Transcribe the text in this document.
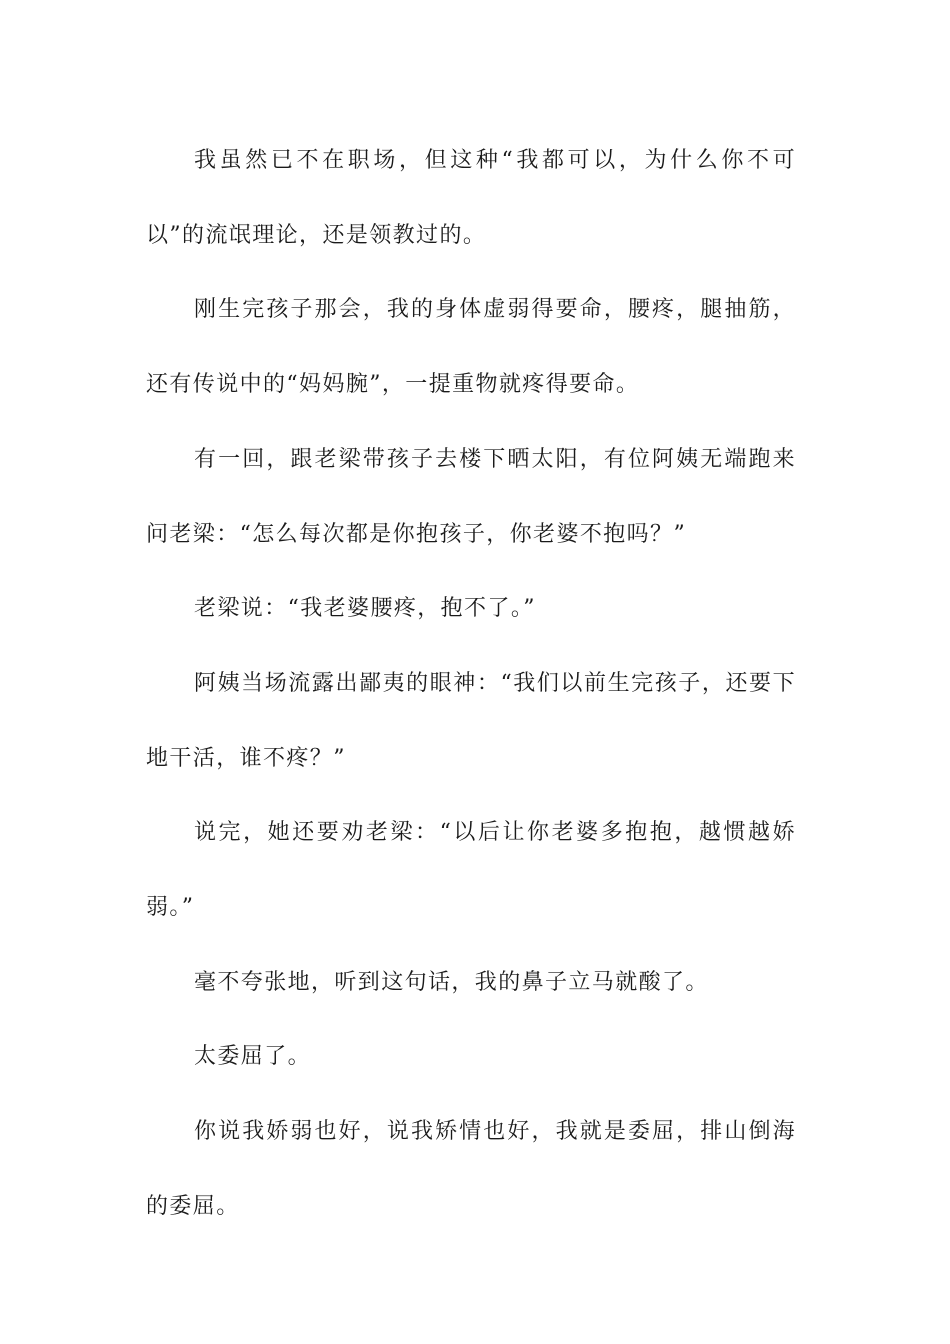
我虽然已不在职场，但这种“我都可以，为什么你不可以”的流氓理论，还是领教过的。

刚生完孩子那会，我的身体虚弱得要命，腰疼，腿抽筋，还有传说中的“妈妈腕”，一提重物就疼得要命。

有一回，跟老梁带孩子去楼下晒太阳，有位阿姨无端跑来问老梁：“怎么每次都是你抱孩子，你老婆不抱吗？”

老梁说：“我老婆腰疼，抱不了。”

阿姨当场流露出鄙夷的眼神：“我们以前生完孩子，还要下地干活，谁不疼？”

说完，她还要劝老梁：“以后让你老婆多抱抱，越惯越娇弱。”

毫不夸张地，听到这句话，我的鼻子立马就酸了。

太委屈了。

你说我娇弱也好，说我矫情也好，我就是委屈，排山倒海的委屈。
